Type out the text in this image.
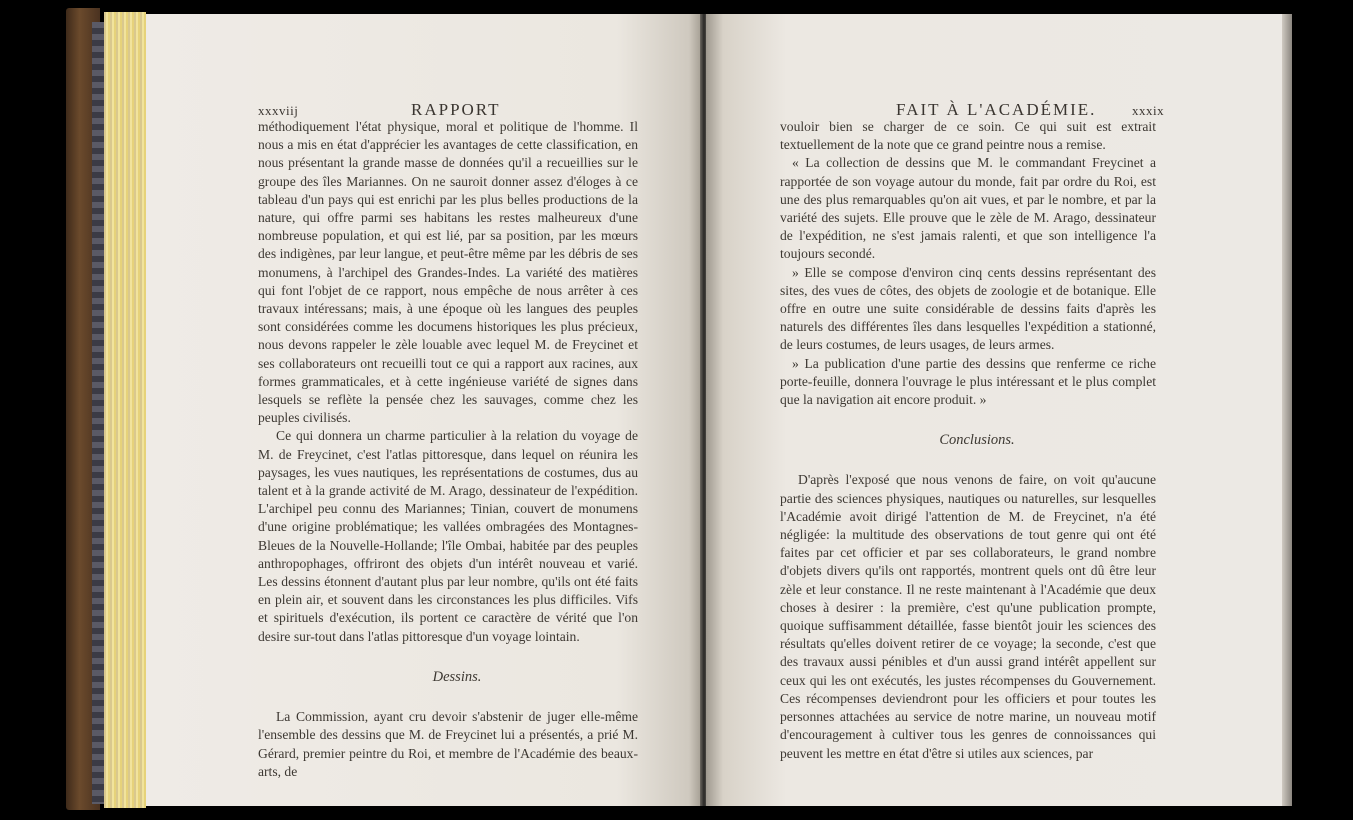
xxxviij	RAPPORT

méthodiquement l'état physique, moral et politique de l'homme. Il nous a mis en état d'apprécier les avantages de cette classification, en nous présentant la grande masse de données qu'il a recueillies sur le groupe des îles Mariannes. On ne sauroit donner assez d'éloges à ce tableau d'un pays qui est enrichi par les plus belles productions de la nature, qui offre parmi ses habitans les restes malheureux d'une nombreuse population, et qui est lié, par sa position, par les mœurs des indigènes, par leur langue, et peut-être même par les débris de ses monumens, à l'archipel des Grandes-Indes. La variété des matières qui font l'objet de ce rapport, nous empêche de nous arrêter à ces travaux intéressans; mais, à une époque où les langues des peuples sont considérées comme les documens historiques les plus précieux, nous devons rappeler le zèle louable avec lequel M. de Freycinet et ses collaborateurs ont recueilli tout ce qui a rapport aux racines, aux formes grammaticales, et à cette ingénieuse variété de signes dans lesquels se reflète la pensée chez les sauvages, comme chez les peuples civilisés.

Ce qui donnera un charme particulier à la relation du voyage de M. de Freycinet, c'est l'atlas pittoresque, dans lequel on réunira les paysages, les vues nautiques, les représentations de costumes, dus au talent et à la grande activité de M. Arago, dessinateur de l'expédition. L'archipel peu connu des Mariannes; Tinian, couvert de monumens d'une origine problématique; les vallées ombragées des Montagnes-Bleues de la Nouvelle-Hollande; l'île Ombai, habitée par des peuples anthropophages, offriront des objets d'un intérêt nouveau et varié. Les dessins étonnent d'autant plus par leur nombre, qu'ils ont été faits en plein air, et souvent dans les circonstances les plus difficiles. Vifs et spirituels d'exécution, ils portent ce caractère de vérité que l'on desire sur-tout dans l'atlas pittoresque d'un voyage lointain.

Dessins.

La Commission, ayant cru devoir s'abstenir de juger elle-même l'ensemble des dessins que M. de Freycinet lui a présentés, a prié M. Gérard, premier peintre du Roi, et membre de l'Académie des beaux-arts, de

FAIT À L'ACADÉMIE.	xxxix

vouloir bien se charger de ce soin. Ce qui suit est extrait textuellement de la note que ce grand peintre nous a remise.

« La collection de dessins que M. le commandant Freycinet a rapportée de son voyage autour du monde, fait par ordre du Roi, est une des plus remarquables qu'on ait vues, et par le nombre, et par la variété des sujets. Elle prouve que le zèle de M. Arago, dessinateur de l'expédition, ne s'est jamais ralenti, et que son intelligence l'a toujours secondé.

» Elle se compose d'environ cinq cents dessins représentant des sites, des vues de côtes, des objets de zoologie et de botanique. Elle offre en outre une suite considérable de dessins faits d'après les naturels des différentes îles dans lesquelles l'expédition a stationné, de leurs costumes, de leurs usages, de leurs armes.

» La publication d'une partie des dessins que renferme ce riche porte-feuille, donnera l'ouvrage le plus intéressant et le plus complet que la navigation ait encore produit. »

Conclusions.

D'après l'exposé que nous venons de faire, on voit qu'aucune partie des sciences physiques, nautiques ou naturelles, sur lesquelles l'Académie avoit dirigé l'attention de M. de Freycinet, n'a été négligée: la multitude des observations de tout genre qui ont été faites par cet officier et par ses collaborateurs, le grand nombre d'objets divers qu'ils ont rapportés, montrent quels ont dû être leur zèle et leur constance. Il ne reste maintenant à l'Académie que deux choses à desirer : la première, c'est qu'une publication prompte, quoique suffisamment détaillée, fasse bientôt jouir les sciences des résultats qu'elles doivent retirer de ce voyage; la seconde, c'est que des travaux aussi pénibles et d'un aussi grand intérêt appellent sur ceux qui les ont exécutés, les justes récompenses du Gouvernement. Ces récompenses deviendront pour les officiers et pour toutes les personnes attachées au service de notre marine, un nouveau motif d'encouragement à cultiver tous les genres de connoissances qui peuvent les mettre en état d'être si utiles aux sciences, par
